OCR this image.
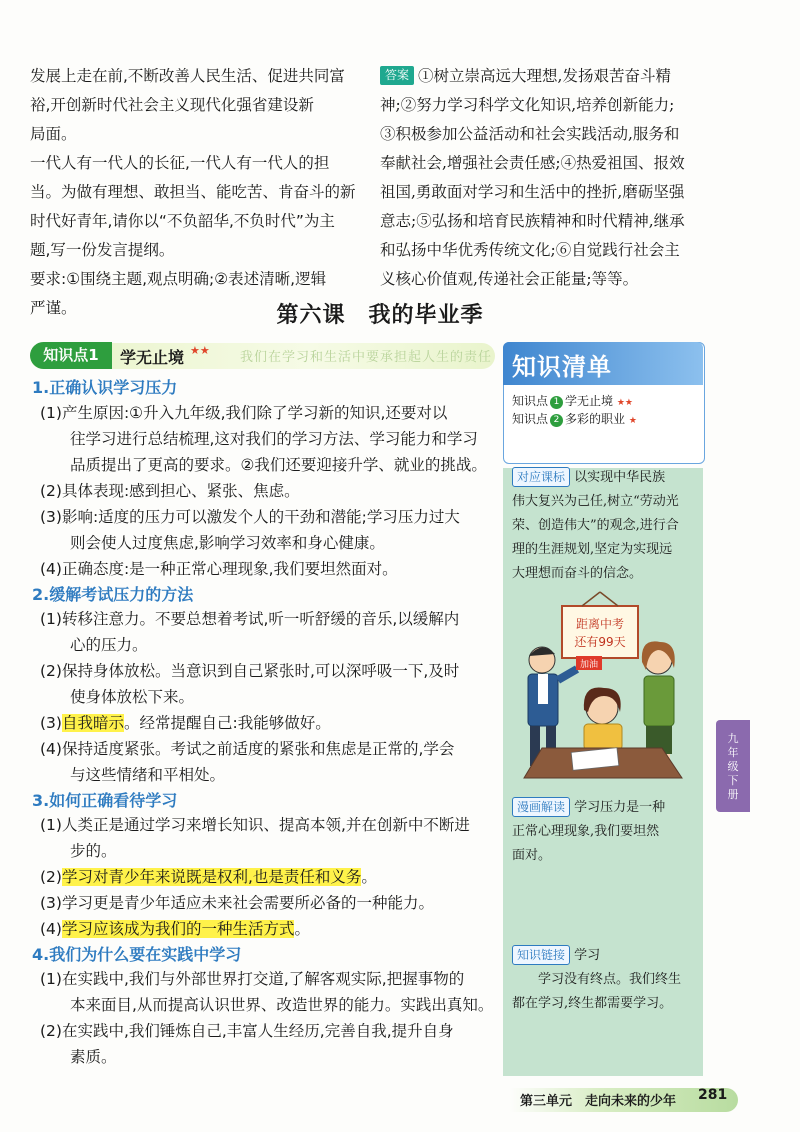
发展上走在前,不断改善人民生活、促进共同富

裕,开创新时代社会主义现代化强省建设新

局面。

一代人有一代人的长征,一代人有一代人的担

当。为做有理想、敢担当、能吃苦、肯奋斗的新

时代好青年,请你以“不负韶华,不负时代”为主

题,写一份发言提纲。

要求:①围绕主题,观点明确;②表述清晰,逻辑

严谨。

答案 ①树立崇高远大理想,发扬艰苦奋斗精
神;②努力学习科学文化知识,培养创新能力;
③积极参加公益活动和社会实践活动,服务和
奉献社会,增强社会责任感;④热爱祖国、报效
祖国,勇敢面对学习和生活中的挫折,磨砺坚强
意志;⑤弘扬和培育民族精神和时代精神,继承
和弘扬中华优秀传统文化;⑥自觉践行社会主
义核心价值观,传递社会正能量;等等。
第六课　我的毕业季
知识点1	学无止境 ★★ 我们在学习和生活中要承担起人生的责任
1.正确认识学习压力
(1)产生原因:①升入九年级,我们除了学习新的知识,还要对以
往学习进行总结梳理,这对我们的学习方法、学习能力和学习
品质提出了更高的要求。②我们还要迎接升学、就业的挑战。
(2)具体表现:感到担心、紧张、焦虑。
(3)影响:适度的压力可以激发个人的干劲和潜能;学习压力过大
则会使人过度焦虑,影响学习效率和身心健康。
(4)正确态度:是一种正常心理现象,我们要坦然面对。
2.缓解考试压力的方法
(1)转移注意力。不要总想着考试,听一听舒缓的音乐,以缓解内
心的压力。
(2)保持身体放松。当意识到自己紧张时,可以深呼吸一下,及时
使身体放松下来。
(3)自我暗示。经常提醒自己:我能够做好。
(4)保持适度紧张。考试之前适度的紧张和焦虑是正常的,学会
与这些情绪和平相处。
3.如何正确看待学习
(1)人类正是通过学习来增长知识、提高本领,并在创新中不断进
步的。
(2)学习对青少年来说既是权利,也是责任和义务。
(3)学习更是青少年适应未来社会需要所必备的一种能力。
(4)学习应该成为我们的一种生活方式。
4.我们为什么要在实践中学习
(1)在实践中,我们与外部世界打交道,了解客观实际,把握事物的
本来面目,从而提高认识世界、改造世界的能力。实践出真知。
(2)在实践中,我们锤炼自己,丰富人生经历,完善自我,提升自身
素质。
知识清单
知识点 1 学无止境 ★★
知识点 2 多彩的职业 ★
对应课标 以实现中华民族
伟大复兴为己任,树立“劳动光
荣、创造伟大”的观念,进行合
理的生涯规划,坚定为实现远
大理想而奋斗的信念。
距离中考
还有99天
加油
漫画解读 学习压力是一种
正常心理现象,我们要坦然
面对。
知识链接 学习
学习没有终点。我们终生
都在学习,终生都需要学习。
九
年
级
下
册
第三单元　走向未来的少年 281
